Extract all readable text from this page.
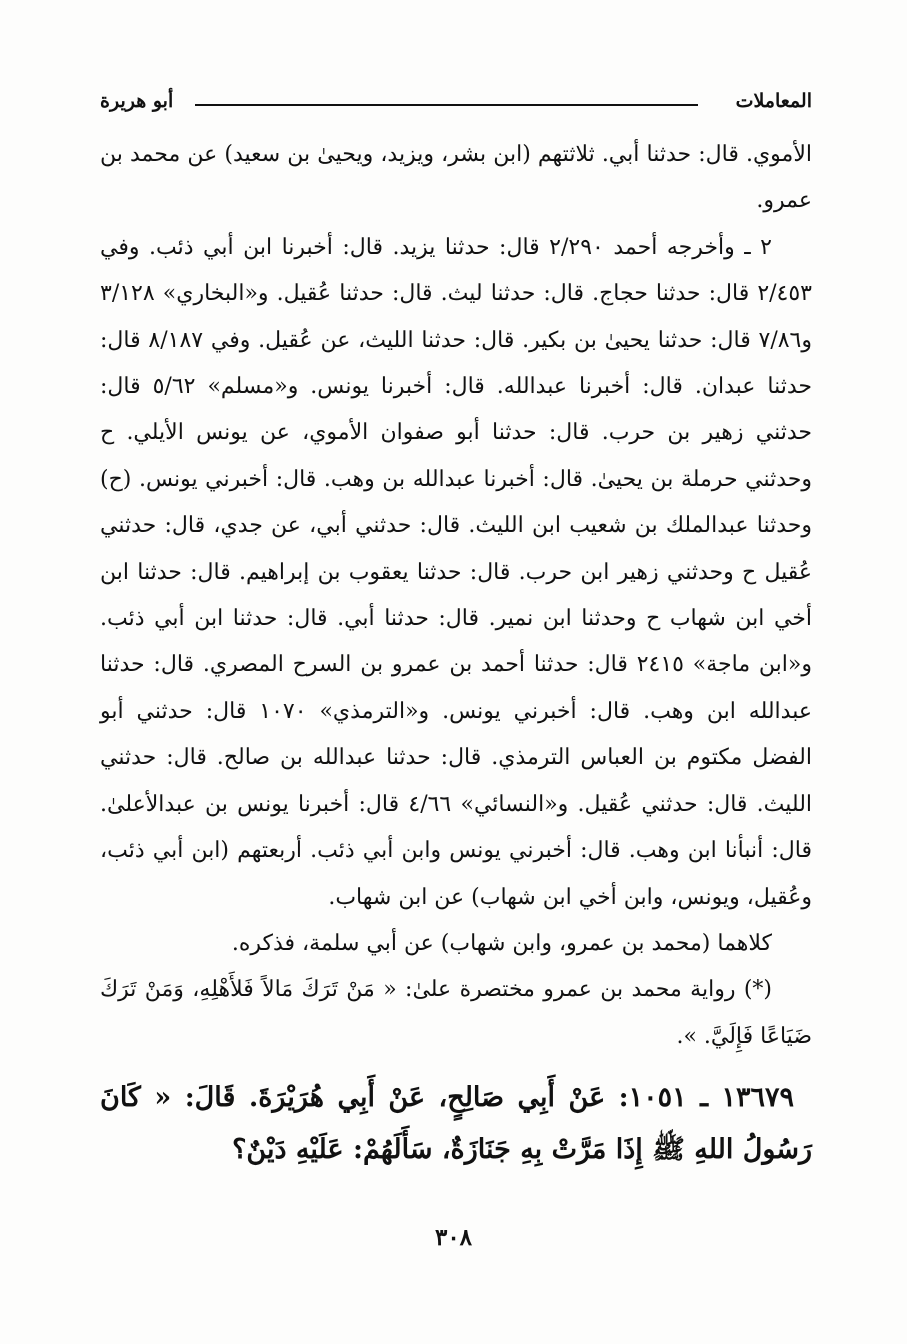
المعاملات
أبو هريرة

الأموي. قال: حدثنا أبي. ثلاثتهم (ابن بشر، ويزيد، ويحيىٰ بن سعيد) عن محمد بن عمرو.

٢ ـ وأخرجه أحمد ٢/٢٩٠ قال: حدثنا يزيد. قال: أخبرنا ابن أبي ذئب. وفي ٢/٤٥٣ قال: حدثنا حجاج. قال: حدثنا ليث. قال: حدثنا عُقيل. و«البخاري» ٣/١٢٨ و٧/٨٦ قال: حدثنا يحيىٰ بن بكير. قال: حدثنا الليث، عن عُقيل. وفي ٨/١٨٧ قال: حدثنا عبدان. قال: أخبرنا عبدالله. قال: أخبرنا يونس. و«مسلم» ٥/٦٢ قال: حدثني زهير بن حرب. قال: حدثنا أبو صفوان الأموي، عن يونس الأيلي. ح وحدثني حرملة بن يحيىٰ. قال: أخبرنا عبدالله بن وهب. قال: أخبرني يونس. (ح) وحدثنا عبدالملك بن شعيب ابن الليث. قال: حدثني أبي، عن جدي، قال: حدثني عُقيل ح وحدثني زهير ابن حرب. قال: حدثنا يعقوب بن إبراهيم. قال: حدثنا ابن أخي ابن شهاب ح وحدثنا ابن نمير. قال: حدثنا أبي. قال: حدثنا ابن أبي ذئب. و«ابن ماجة» ٢٤١٥ قال: حدثنا أحمد بن عمرو بن السرح المصري. قال: حدثنا عبدالله ابن وهب. قال: أخبرني يونس. و«الترمذي» ١٠٧٠ قال: حدثني أبو الفضل مكتوم بن العباس الترمذي. قال: حدثنا عبدالله بن صالح. قال: حدثني الليث. قال: حدثني عُقيل. و«النسائي» ٤/٦٦ قال: أخبرنا يونس بن عبدالأعلىٰ. قال: أنبأنا ابن وهب. قال: أخبرني يونس وابن أبي ذئب. أربعتهم (ابن أبي ذئب، وعُقيل، ويونس، وابن أخي ابن شهاب) عن ابن شهاب.

كلاهما (محمد بن عمرو، وابن شهاب) عن أبي سلمة، فذكره.

(*) رواية محمد بن عمرو مختصرة علىٰ: « مَنْ تَرَكَ مَالاً فَلأَهْلِهِ، وَمَنْ تَرَكَ ضَيَاعًا فَإِلَيَّ. ».

١٣٦٧٩ ـ ١٠٥١: عَنْ أَبِي صَالِحٍ، عَنْ أَبِي هُرَيْرَةَ. قَالَ: « كَانَ رَسُولُ اللهِ ﷺ إِذَا مَرَّتْ بِهِ جَنَازَةٌ، سَأَلَهُمْ: عَلَيْهِ دَيْنٌ؟

٣٠٨
